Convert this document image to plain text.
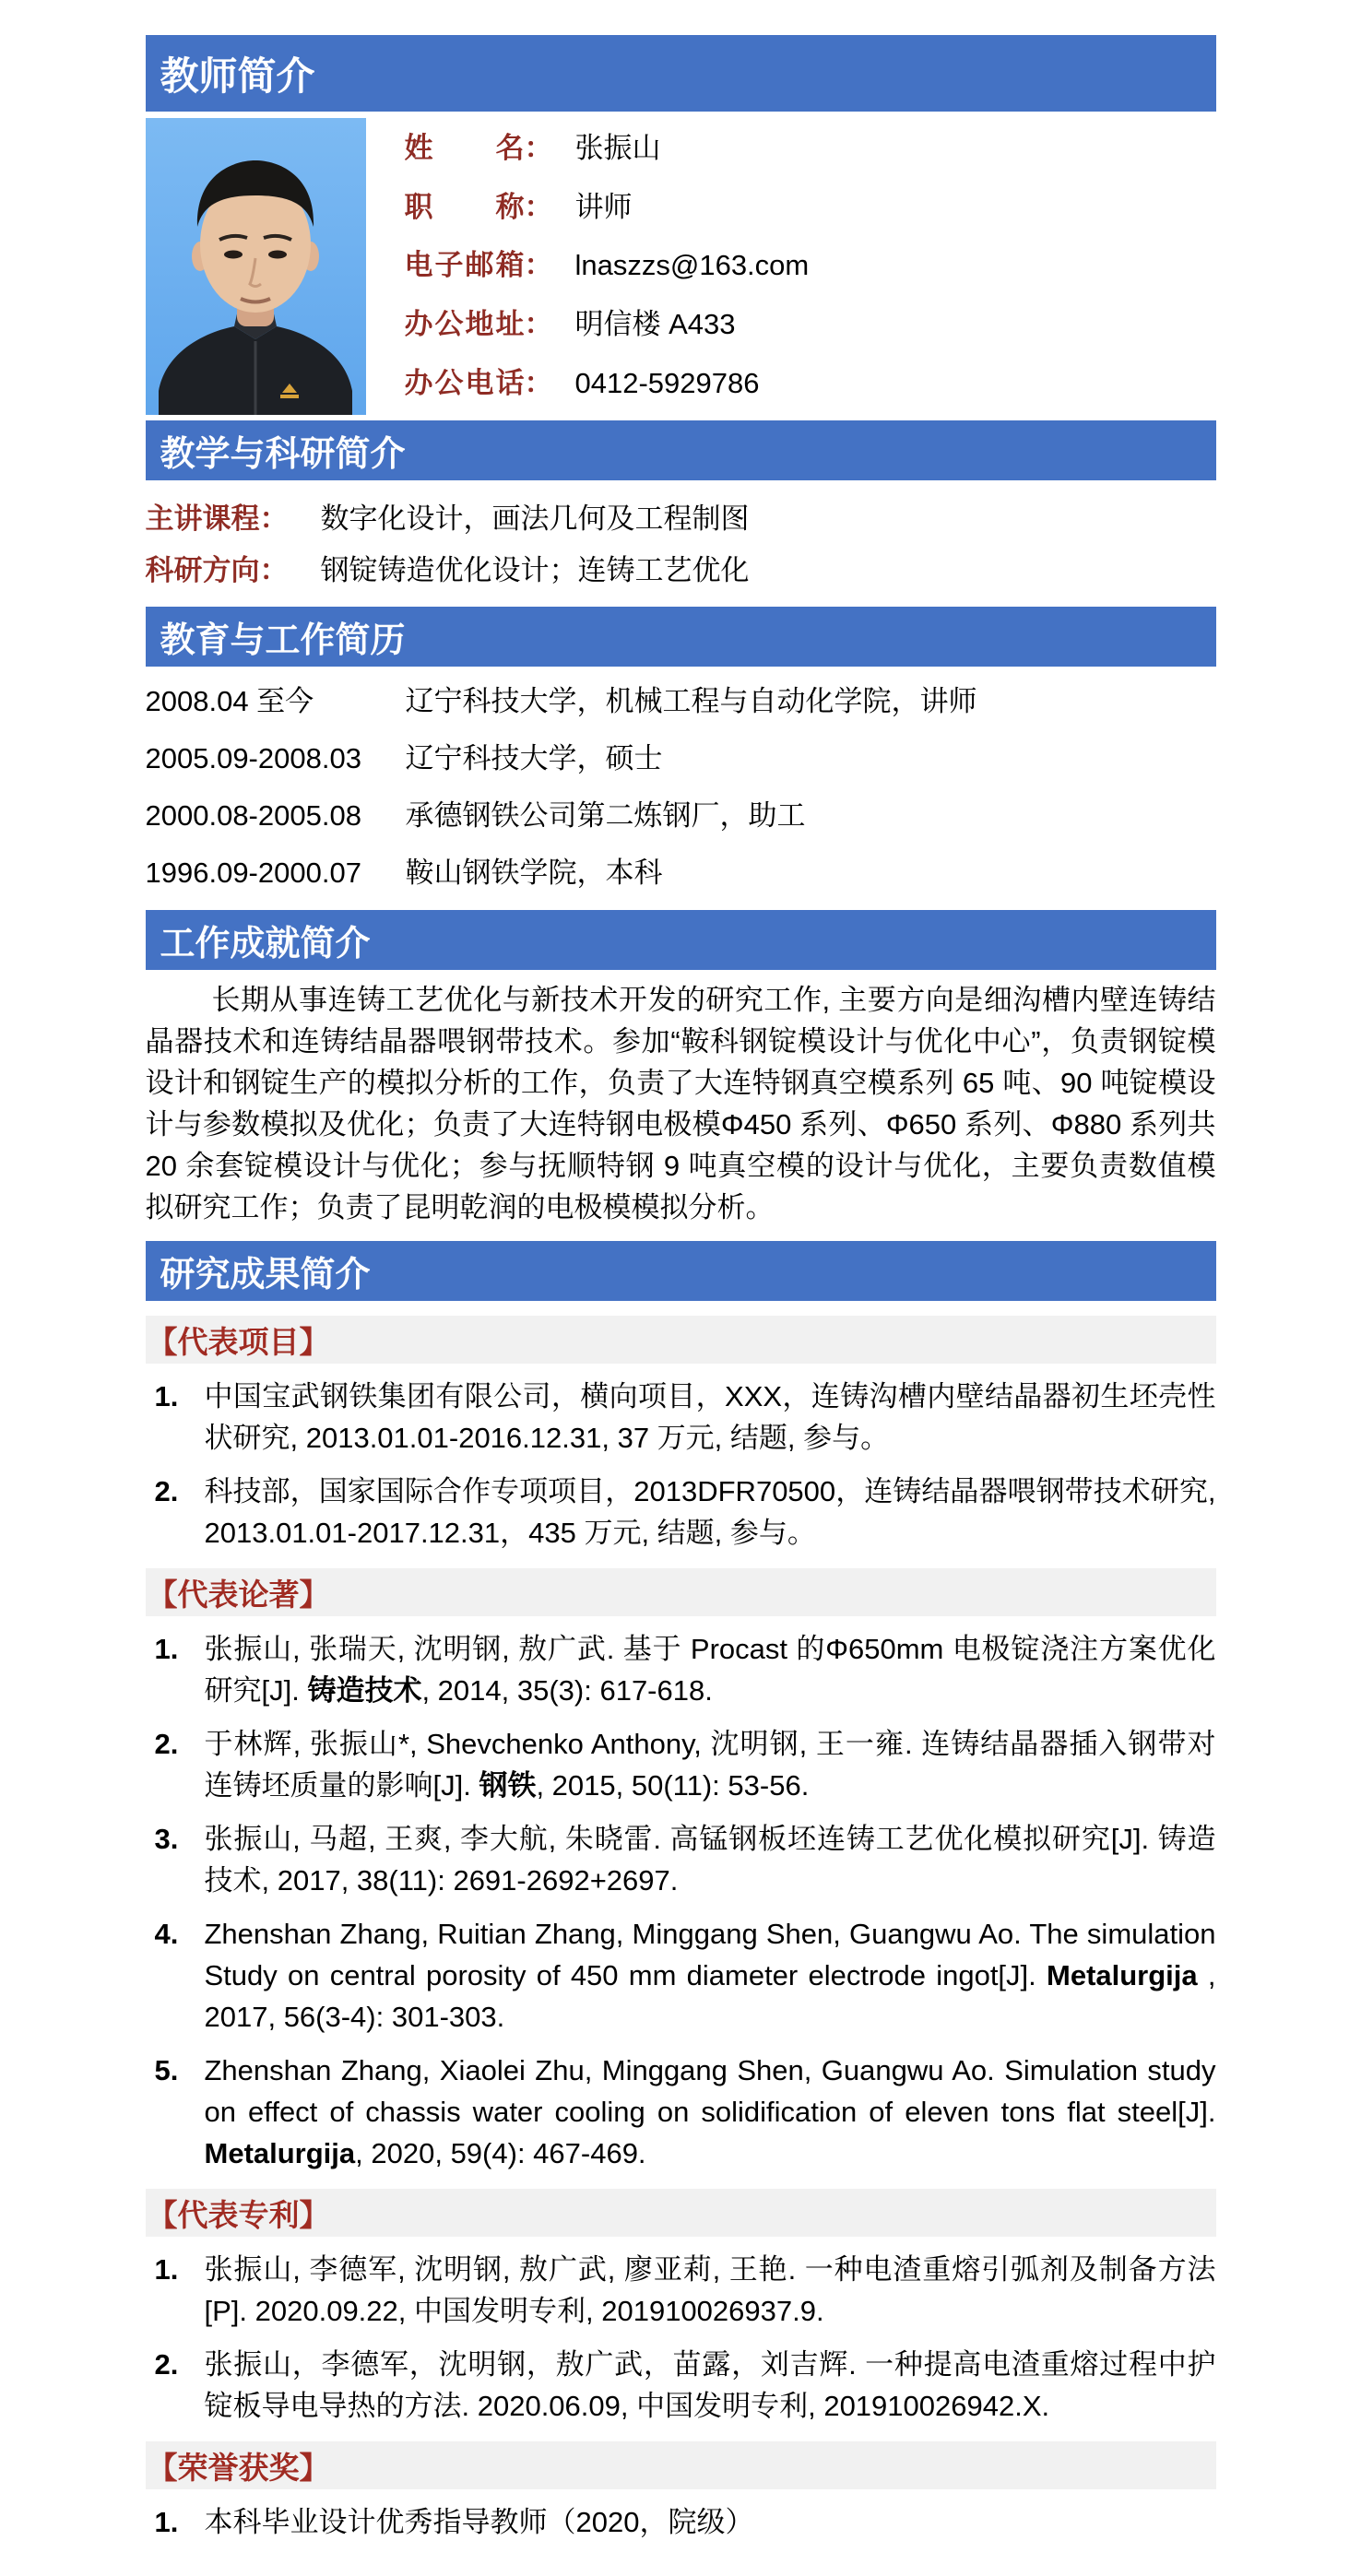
教师简介
姓 名 ： 张振山
职 称 ： 讲师
电 子 邮 箱 ： lnaszzs@163.com
办 公 地 址 ： 明信楼 A433
办 公 电 话 ： 0412-5929786
教学与科研简介
主讲课程： 数字化设计，画法几何及工程制图
科研方向： 钢锭铸造优化设计；连铸工艺优化
教育与工作简历
2008.04 至今	辽宁科技大学，机械工程与自动化学院，讲师
2005.09-2008.03	辽宁科技大学，硕士
2000.08-2005.08	承德钢铁公司第二炼钢厂，助工
1996.09-2000.07	鞍山钢铁学院，本科
工作成就简介

长期从事连铸工艺优化与新技术开发的研究工作, 主要方向是细沟槽内壁连铸结晶器技术和连铸结晶器喂钢带技术。参加“鞍科钢锭模设计与优化中心”，负责钢锭模设计和钢锭生产的模拟分析的工作，负责了大连特钢真空模系列 65 吨、90 吨锭模设计与参数模拟及优化；负责了大连特钢电极模Φ450 系列、Φ650 系列、Φ880 系列共 20 余套锭模设计与优化；参与抚顺特钢 9 吨真空模的设计与优化，主要负责数值模拟研究工作；负责了昆明乾润的电极模模拟分析。

研究成果简介
【代表项目】
1. 中国宝武钢铁集团有限公司，横向项目，XXX，连铸沟槽内壁结晶器初生坯壳性状研究, 2013.01.01-2016.12.31, 37 万元, 结题, 参与。
2. 科技部，国家国际合作专项项目，2013DFR70500，连铸结晶器喂钢带技术研究, 2013.01.01-2017.12.31，435 万元, 结题, 参与。
【代表论著】
1. 张振山, 张瑞天, 沈明钢, 敖广武. 基于 Procast 的Φ650mm 电极锭浇注方案优化研究[J]. 铸造技术, 2014, 35(3): 617-618.
2. 于林辉, 张振山*, Shevchenko Anthony, 沈明钢, 王一雍. 连铸结晶器插入钢带对连铸坯质量的影响[J]. 钢铁, 2015, 50(11): 53-56.
3. 张振山, 马超, 王爽, 李大航, 朱晓雷. 高锰钢板坯连铸工艺优化模拟研究[J]. 铸造技术, 2017, 38(11): 2691-2692+2697.
4. Zhenshan Zhang, Ruitian Zhang, Minggang Shen, Guangwu Ao. The simulation Study on central porosity of 450 mm diameter electrode ingot[J]. Metalurgija , 2017, 56(3-4): 301-303.
5. Zhenshan Zhang, Xiaolei Zhu, Minggang Shen, Guangwu Ao. Simulation study on effect of chassis water cooling on solidification of eleven tons flat steel[J]. Metalurgija, 2020, 59(4): 467-469.
【代表专利】
1. 张振山, 李德军, 沈明钢, 敖广武, 廖亚莉, 王艳. 一种电渣重熔引弧剂及制备方法[P]. 2020.09.22, 中国发明专利, 201910026937.9.
2. 张振山，李德军，沈明钢，敖广武，苗露，刘吉辉. 一种提高电渣重熔过程中护锭板导电导热的方法. 2020.06.09, 中国发明专利, 201910026942.X.
【荣誉获奖】
1. 本科毕业设计优秀指导教师（2020，院级）
